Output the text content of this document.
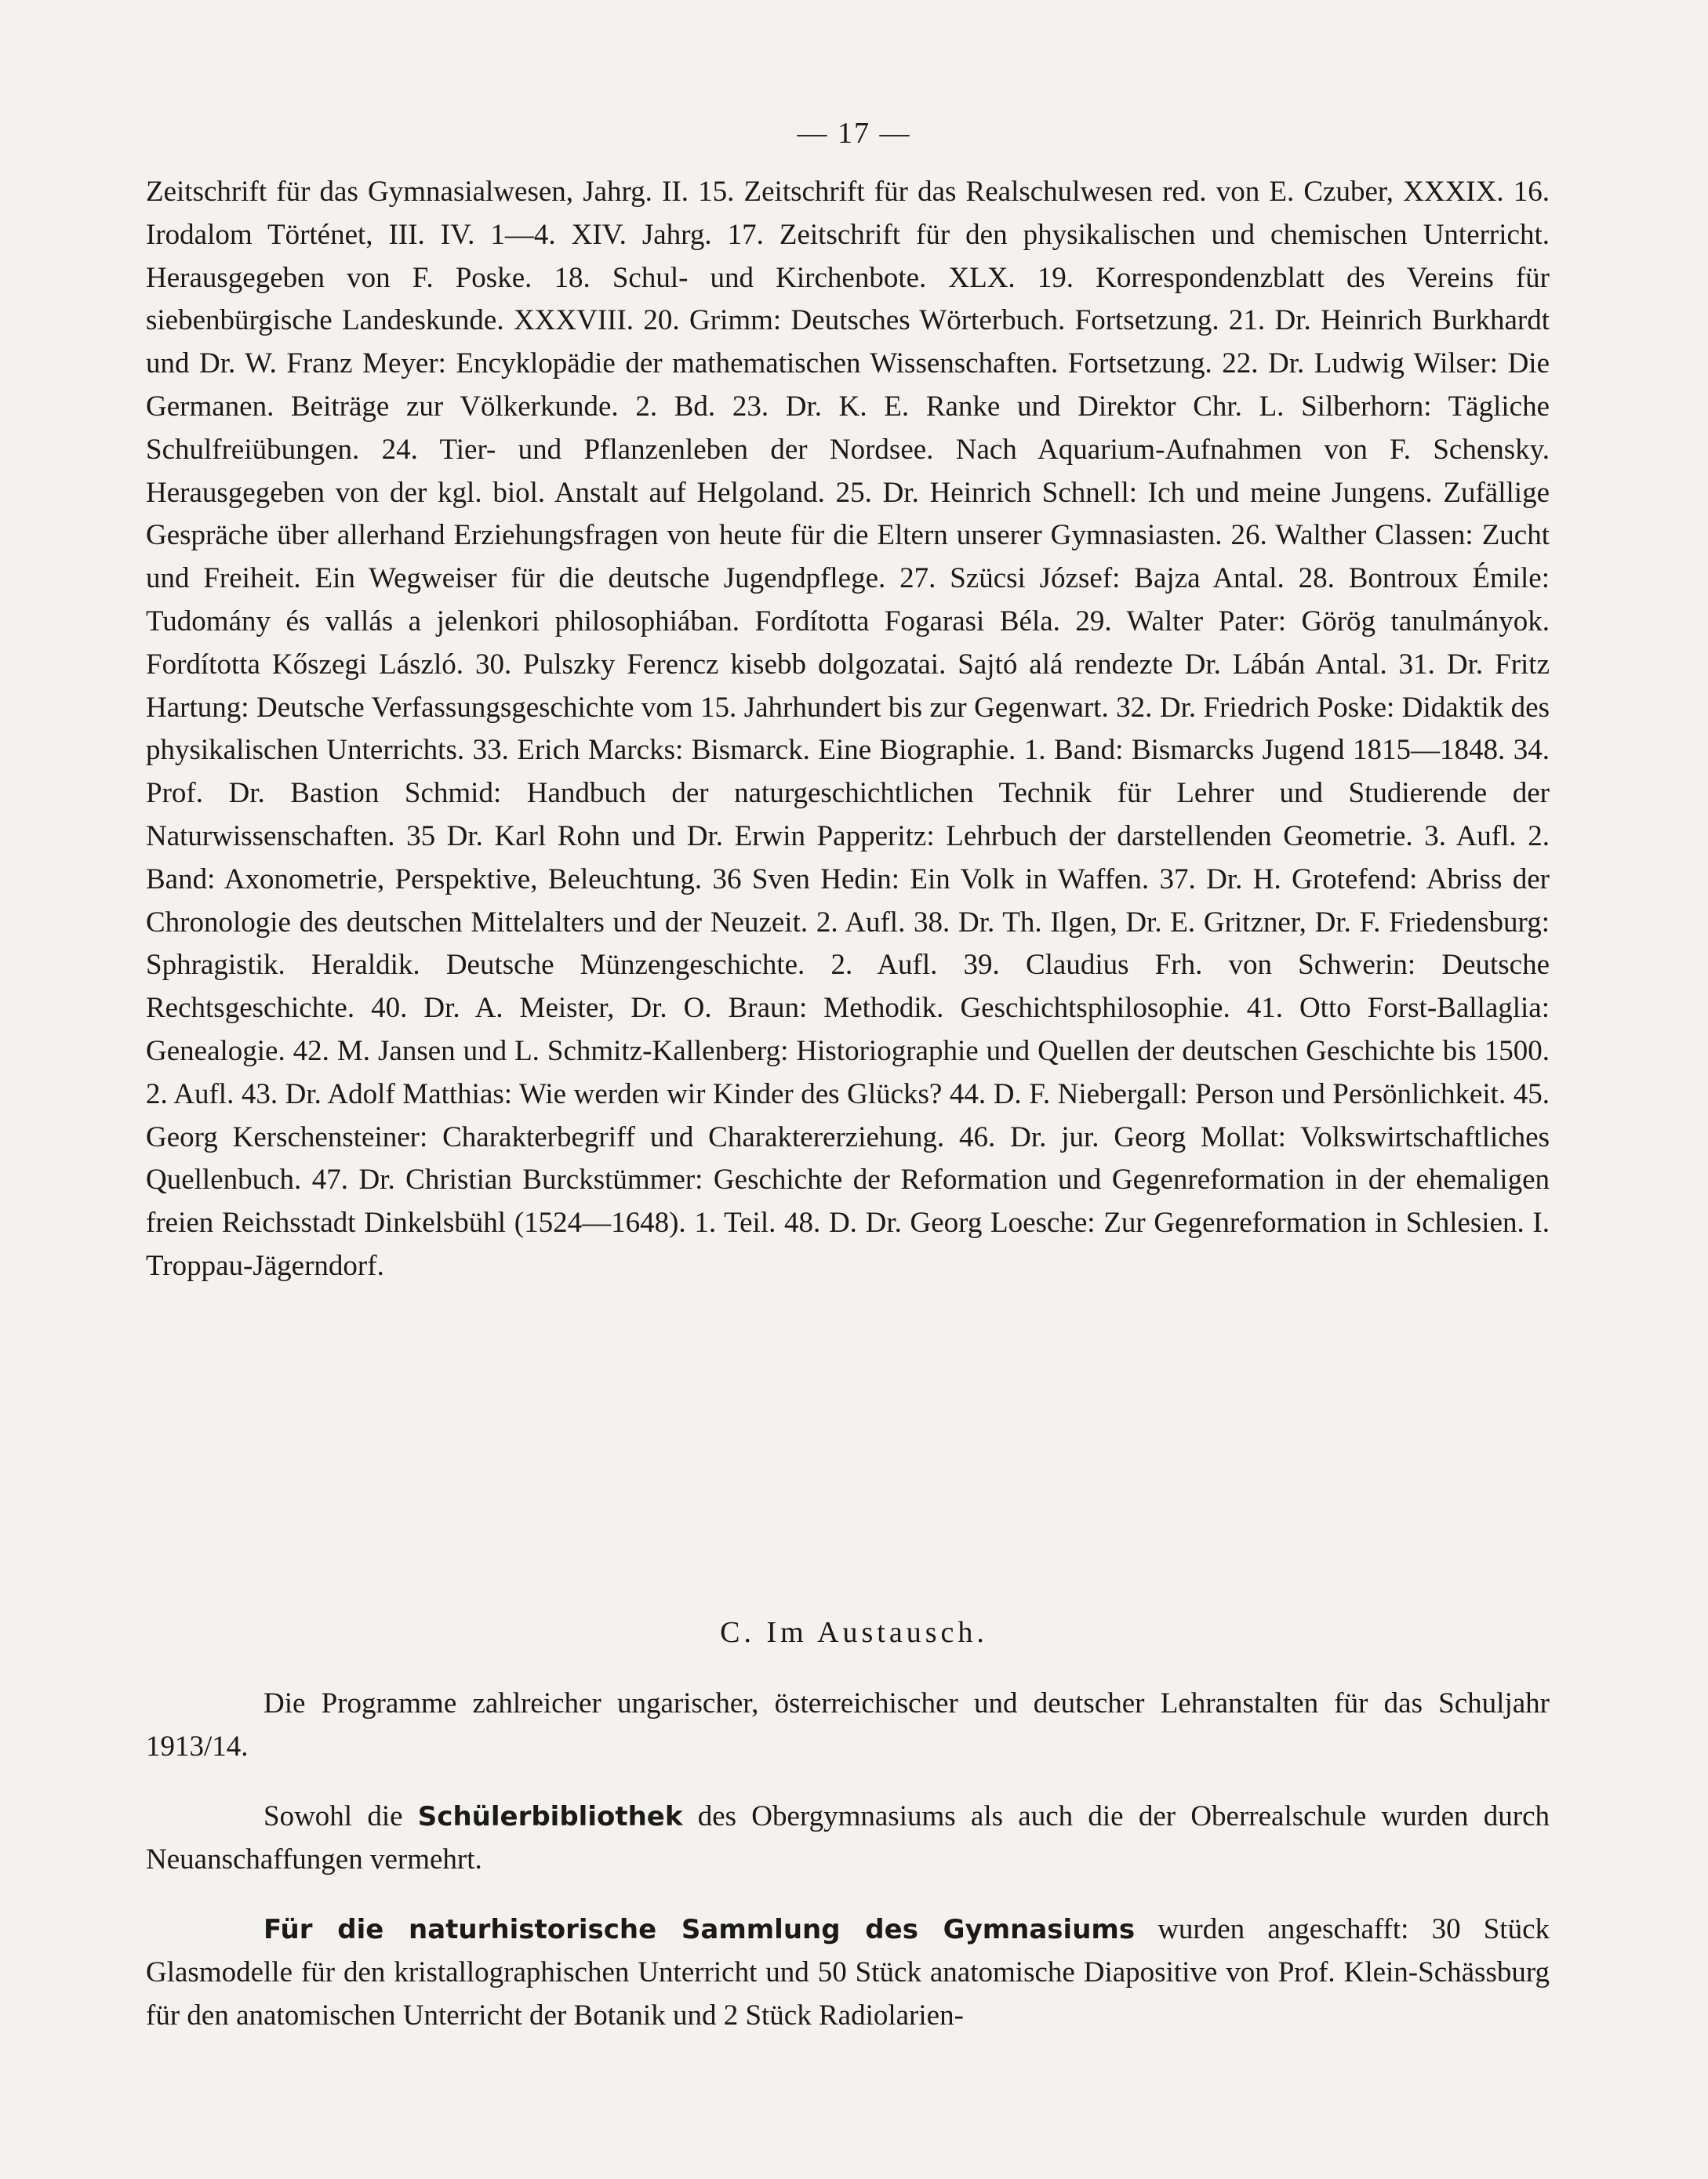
— 17 —

Zeitschrift für das Gymnasialwesen, Jahrg. II. 15. Zeitschrift für das Realschulwesen red. von E. Czuber, XXXIX. 16. Irodalom Történet, III. IV. 1—4. XIV. Jahrg. 17. Zeitschrift für den physikalischen und chemischen Unterricht. Herausgegeben von F. Poske. 18. Schul- und Kirchenbote. XLX. 19. Korrespondenzblatt des Vereins für siebenbürgische Landeskunde. XXXVIII. 20. Grimm: Deutsches Wörterbuch. Fortsetzung. 21. Dr. Heinrich Burkhardt und Dr. W. Franz Meyer: Encyklopädie der mathematischen Wissenschaften. Fortsetzung. 22. Dr. Ludwig Wilser: Die Germanen. Beiträge zur Völkerkunde. 2. Bd. 23. Dr. K. E. Ranke und Direktor Chr. L. Silberhorn: Tägliche Schulfreiübungen. 24. Tier- und Pflanzenleben der Nordsee. Nach Aquarium-Aufnahmen von F. Schensky. Herausgegeben von der kgl. biol. Anstalt auf Helgoland. 25. Dr. Heinrich Schnell: Ich und meine Jungens. Zufällige Gespräche über allerhand Erziehungsfragen von heute für die Eltern unserer Gymnasiasten. 26. Walther Classen: Zucht und Freiheit. Ein Wegweiser für die deutsche Jugendpflege. 27. Szücsi József: Bajza Antal. 28. Bontroux Émile: Tudomány és vallás a jelenkori philosophiában. Fordította Fogarasi Béla. 29. Walter Pater: Görög tanulmányok. Fordította Kőszegi László. 30. Pulszky Ferencz kisebb dolgozatai. Sajtó alá rendezte Dr. Lábán Antal. 31. Dr. Fritz Hartung: Deutsche Verfassungsgeschichte vom 15. Jahrhundert bis zur Gegenwart. 32. Dr. Friedrich Poske: Didaktik des physikalischen Unterrichts. 33. Erich Marcks: Bismarck. Eine Biographie. 1. Band: Bismarcks Jugend 1815—1848. 34. Prof. Dr. Bastion Schmid: Handbuch der naturgeschichtlichen Technik für Lehrer und Studierende der Naturwissenschaften. 35 Dr. Karl Rohn und Dr. Erwin Papperitz: Lehrbuch der darstellenden Geometrie. 3. Aufl. 2. Band: Axonometrie, Perspektive, Beleuchtung. 36 Sven Hedin: Ein Volk in Waffen. 37. Dr. H. Grotefend: Abriss der Chronologie des deutschen Mittelalters und der Neuzeit. 2. Aufl. 38. Dr. Th. Ilgen, Dr. E. Gritzner, Dr. F. Friedensburg: Sphragistik. Heraldik. Deutsche Münzengeschichte. 2. Aufl. 39. Claudius Frh. von Schwerin: Deutsche Rechtsgeschichte. 40. Dr. A. Meister, Dr. O. Braun: Methodik. Geschichtsphilosophie. 41. Otto Forst-Ballaglia: Genealogie. 42. M. Jansen und L. Schmitz-Kallenberg: Historiographie und Quellen der deutschen Geschichte bis 1500. 2. Aufl. 43. Dr. Adolf Matthias: Wie werden wir Kinder des Glücks? 44. D. F. Niebergall: Person und Persönlichkeit. 45. Georg Kerschensteiner: Charakterbegriff und Charaktererziehung. 46. Dr. jur. Georg Mollat: Volkswirtschaftliches Quellenbuch. 47. Dr. Christian Burckstümmer: Geschichte der Reformation und Gegenreformation in der ehemaligen freien Reichsstadt Dinkelsbühl (1524—1648). 1. Teil. 48. D. Dr. Georg Loesche: Zur Gegenreformation in Schlesien. I. Troppau-Jägerndorf.

C. Im Austausch.

Die Programme zahlreicher ungarischer, österreichischer und deutscher Lehranstalten für das Schuljahr 1913/14.

Sowohl die Schülerbibliothek des Obergymnasiums als auch die der Oberrealschule wurden durch Neuanschaffungen vermehrt.

Für die naturhistorische Sammlung des Gymnasiums wurden angeschafft: 30 Stück Glasmodelle für den kristallographischen Unterricht und 50 Stück anatomische Diapositive von Prof. Klein-Schässburg für den anatomischen Unterricht der Botanik und 2 Stück Radiolarien-
